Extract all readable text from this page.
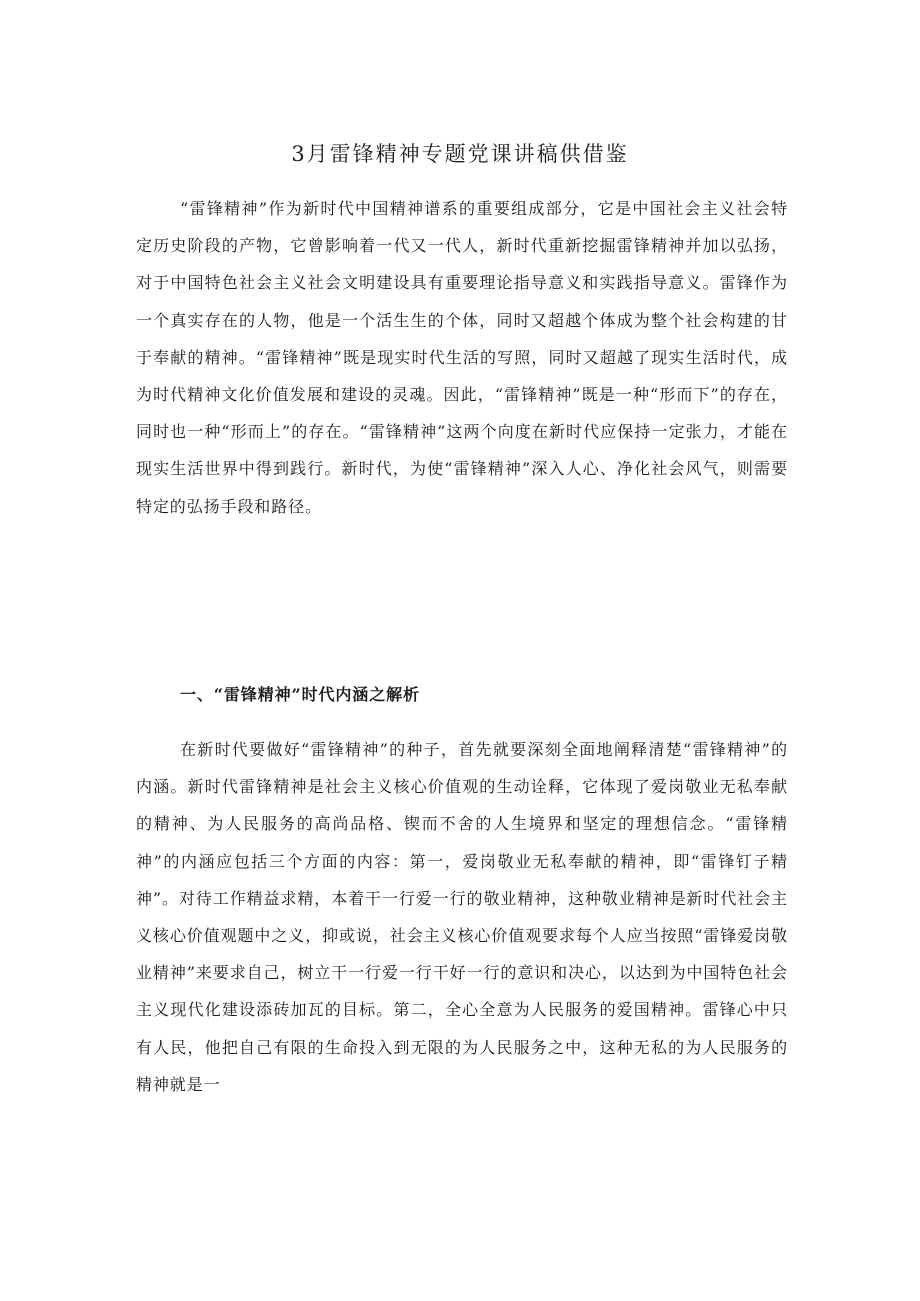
3月雷锋精神专题党课讲稿供借鉴

“雷锋精神”作为新时代中国精神谱系的重要组成部分，它是中国社会主义社会特定历史阶段的产物，它曾影响着一代又一代人，新时代重新挖掘雷锋精神并加以弘扬，对于中国特色社会主义社会文明建设具有重要理论指导意义和实践指导意义。雷锋作为一个真实存在的人物，他是一个活生生的个体，同时又超越个体成为整个社会构建的甘于奉献的精神。“雷锋精神”既是现实时代生活的写照，同时又超越了现实生活时代，成为时代精神文化价值发展和建设的灵魂。因此，“雷锋精神”既是一种“形而下”的存在，同时也一种“形而上”的存在。“雷锋精神”这两个向度在新时代应保持一定张力，才能在现实生活世界中得到践行。新时代，为使“雷锋精神”深入人心、净化社会风气，则需要特定的弘扬手段和路径。

一、“雷锋精神”时代内涵之解析

在新时代要做好“雷锋精神”的种子，首先就要深刻全面地阐释清楚“雷锋精神”的内涵。新时代雷锋精神是社会主义核心价值观的生动诠释，它体现了爱岗敬业无私奉献的精神、为人民服务的高尚品格、锲而不舍的人生境界和坚定的理想信念。“雷锋精神”的内涵应包括三个方面的内容：第一，爱岗敬业无私奉献的精神，即“雷锋钉子精神”。对待工作精益求精，本着干一行爱一行的敬业精神，这种敬业精神是新时代社会主义核心价值观题中之义，抑或说，社会主义核心价值观要求每个人应当按照“雷锋爱岗敬业精神”来要求自己，树立干一行爱一行干好一行的意识和决心，以达到为中国特色社会主义现代化建设添砖加瓦的目标。第二，全心全意为人民服务的爱国精神。雷锋心中只有人民，他把自己有限的生命投入到无限的为人民服务之中，这种无私的为人民服务的精神就是一
